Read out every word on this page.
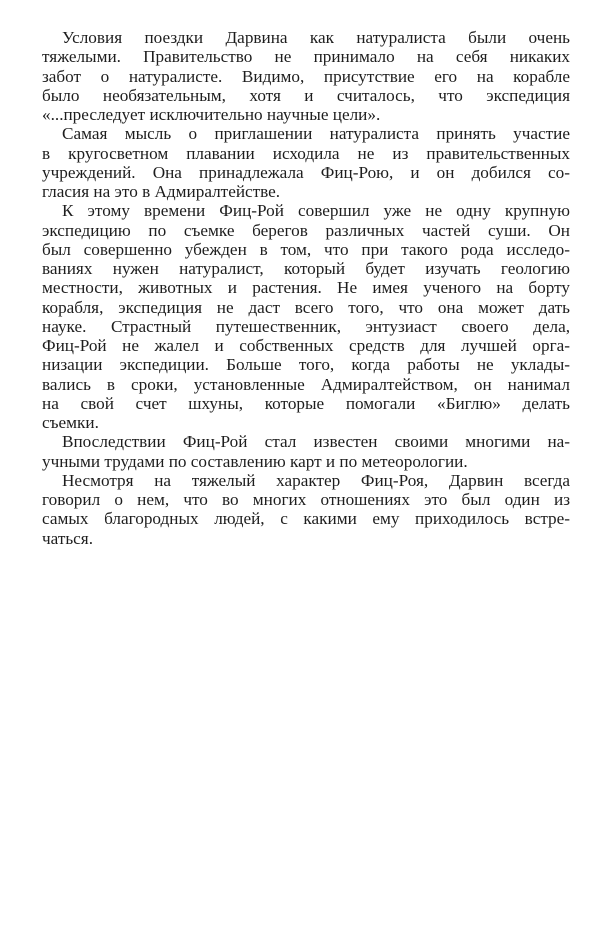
Условия поездки Дарвина как натуралиста были очень
тяжелыми. Правительство не принимало на себя никаких
забот о натуралисте. Видимо, присутствие его на корабле
было необязательным, хотя и считалось, что экспедиция
«...преследует исключительно научные цели».
Самая мысль о приглашении натуралиста принять участие
в кругосветном плавании исходила не из правительственных
учреждений. Она принадлежала Фиц-Рою, и он добился со-
гласия на это в Адмиралтействе.
К этому времени Фиц-Рой совершил уже не одну крупную
экспедицию по съемке берегов различных частей суши. Он
был совершенно убежден в том, что при такого рода исследо-
ваниях нужен натуралист, который будет изучать геологию
местности, животных и растения. Не имея ученого на борту
корабля, экспедиция не даст всего того, что она может дать
науке. Страстный путешественник, энтузиаст своего дела,
Фиц-Рой не жалел и собственных средств для лучшей орга-
низации экспедиции. Больше того, когда работы не уклады-
вались в сроки, установленные Адмиралтейством, он нанимал
на свой счет шхуны, которые помогали «Биглю» делать
съемки.
Впоследствии Фиц-Рой стал известен своими многими на-
учными трудами по составлению карт и по метеорологии.
Несмотря на тяжелый характер Фиц-Роя, Дарвин всегда
говорил о нем, что во многих отношениях это был один из
самых благородных людей, с какими ему приходилось встре-
чаться.
